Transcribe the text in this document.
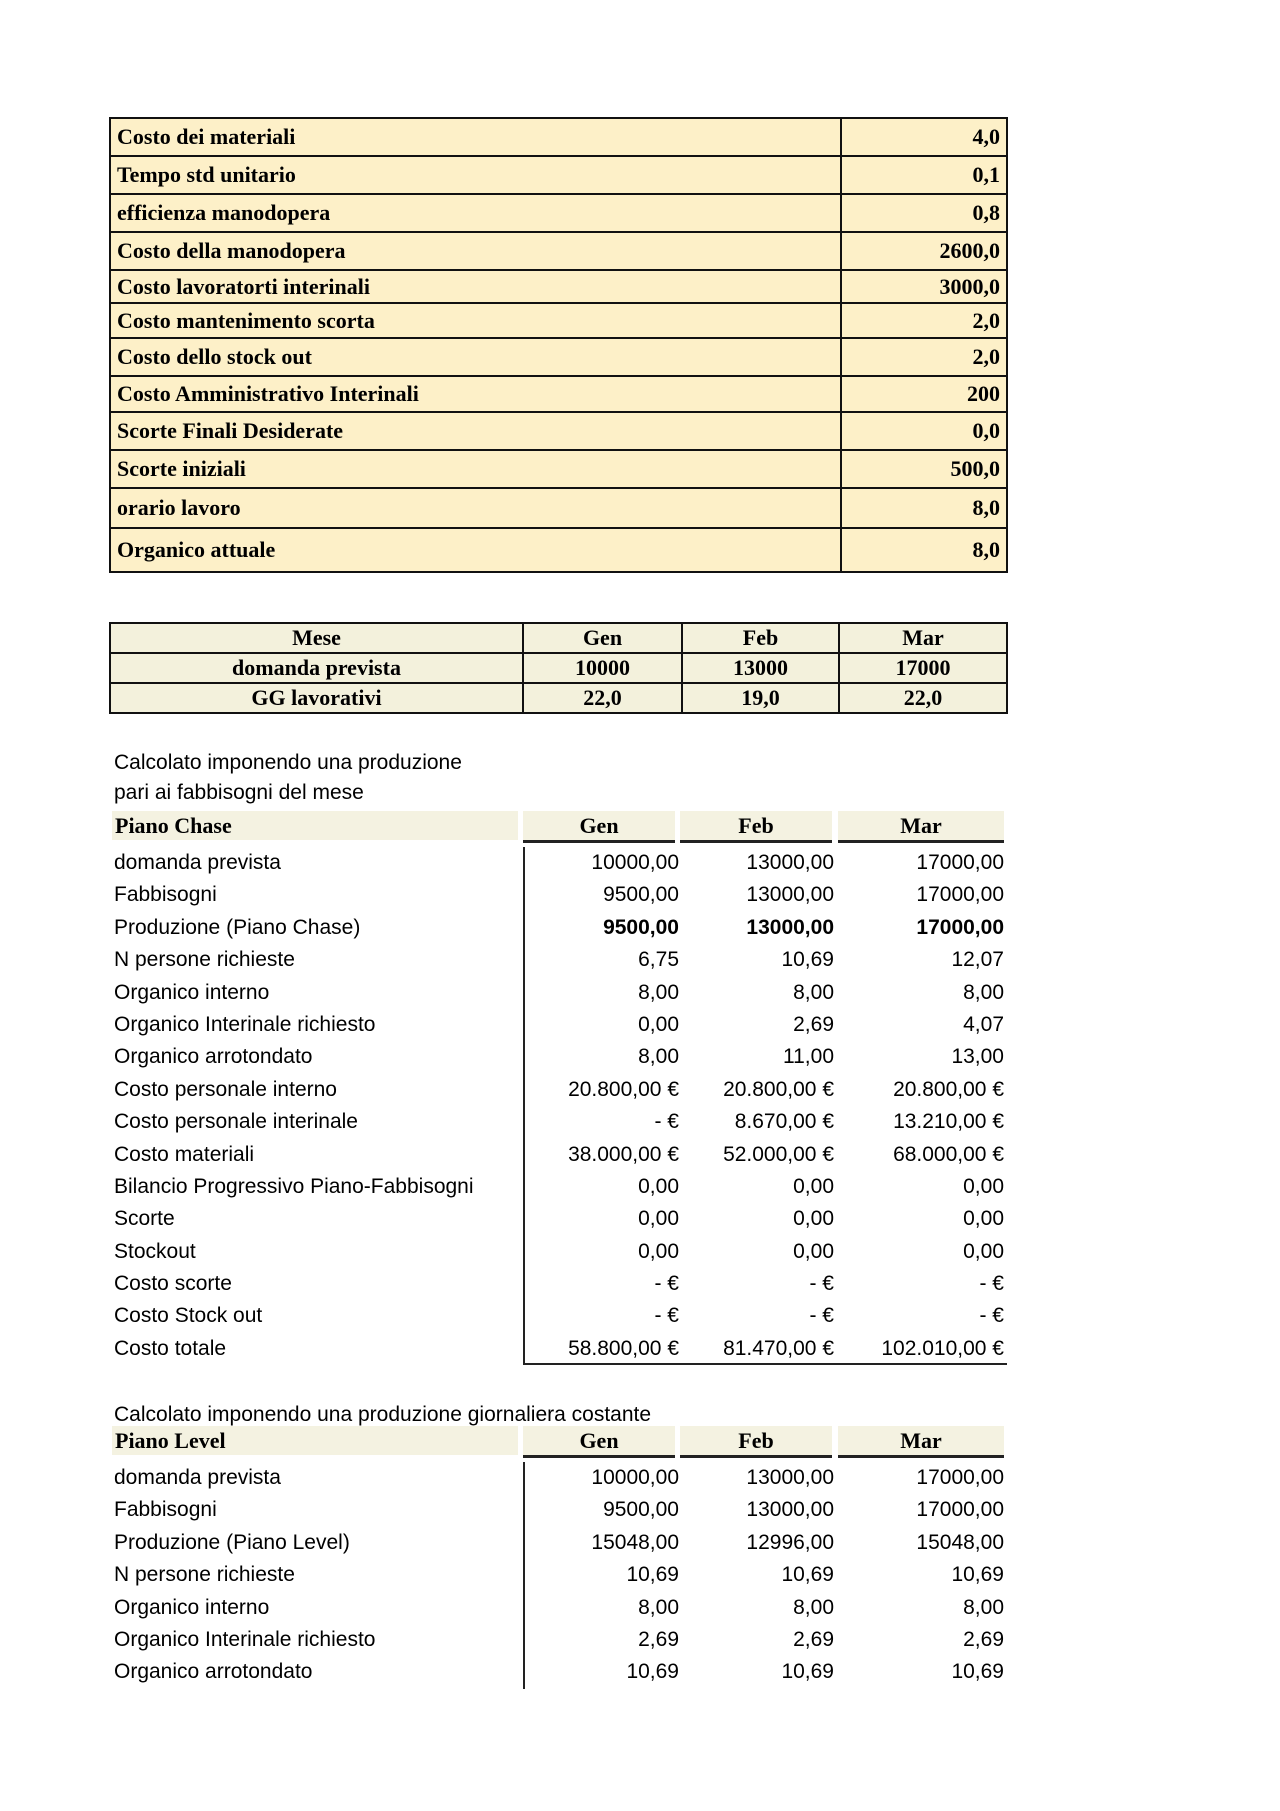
Costo dei materiali	4,0
Tempo std unitario	0,1
efficienza manodopera	0,8
Costo della manodopera	2600,0
Costo lavoratorti interinali	3000,0
Costo mantenimento scorta	2,0
Costo dello stock out	2,0
Costo Amministrativo Interinali	200
Scorte Finali Desiderate	0,0
Scorte iniziali	500,0
orario lavoro	8,0
Organico attuale	8,0
Mese	Gen	Feb	Mar
domanda prevista	10000	13000	17000
GG lavorativi	22,0	19,0	22,0
Calcolato imponendo una produzione
pari ai fabbisogni del mese
Piano Chase	Gen	Feb	Mar
domanda prevista	10000,00	13000,00	17000,00
Fabbisogni	9500,00	13000,00	17000,00
Produzione (Piano Chase)	9500,00	13000,00	17000,00
N persone richieste	6,75	10,69	12,07
Organico interno	8,00	8,00	8,00
Organico Interinale richiesto	0,00	2,69	4,07
Organico arrotondato	8,00	11,00	13,00
Costo personale interno	20.800,00 €	20.800,00 €	20.800,00 €
Costo personale interinale	- €	8.670,00 €	13.210,00 €
Costo materiali	38.000,00 €	52.000,00 €	68.000,00 €
Bilancio Progressivo Piano-Fabbisogni	0,00	0,00	0,00
Scorte	0,00	0,00	0,00
Stockout	0,00	0,00	0,00
Costo scorte	- €	- €	- €
Costo Stock out	- €	- €	- €
Costo totale	58.800,00 €	81.470,00 €	102.010,00 €
Calcolato imponendo una produzione giornaliera costante
Piano Level	Gen	Feb	Mar
domanda prevista	10000,00	13000,00	17000,00
Fabbisogni	9500,00	13000,00	17000,00
Produzione (Piano Level)	15048,00	12996,00	15048,00
N persone richieste	10,69	10,69	10,69
Organico interno	8,00	8,00	8,00
Organico Interinale richiesto	2,69	2,69	2,69
Organico arrotondato	10,69	10,69	10,69
